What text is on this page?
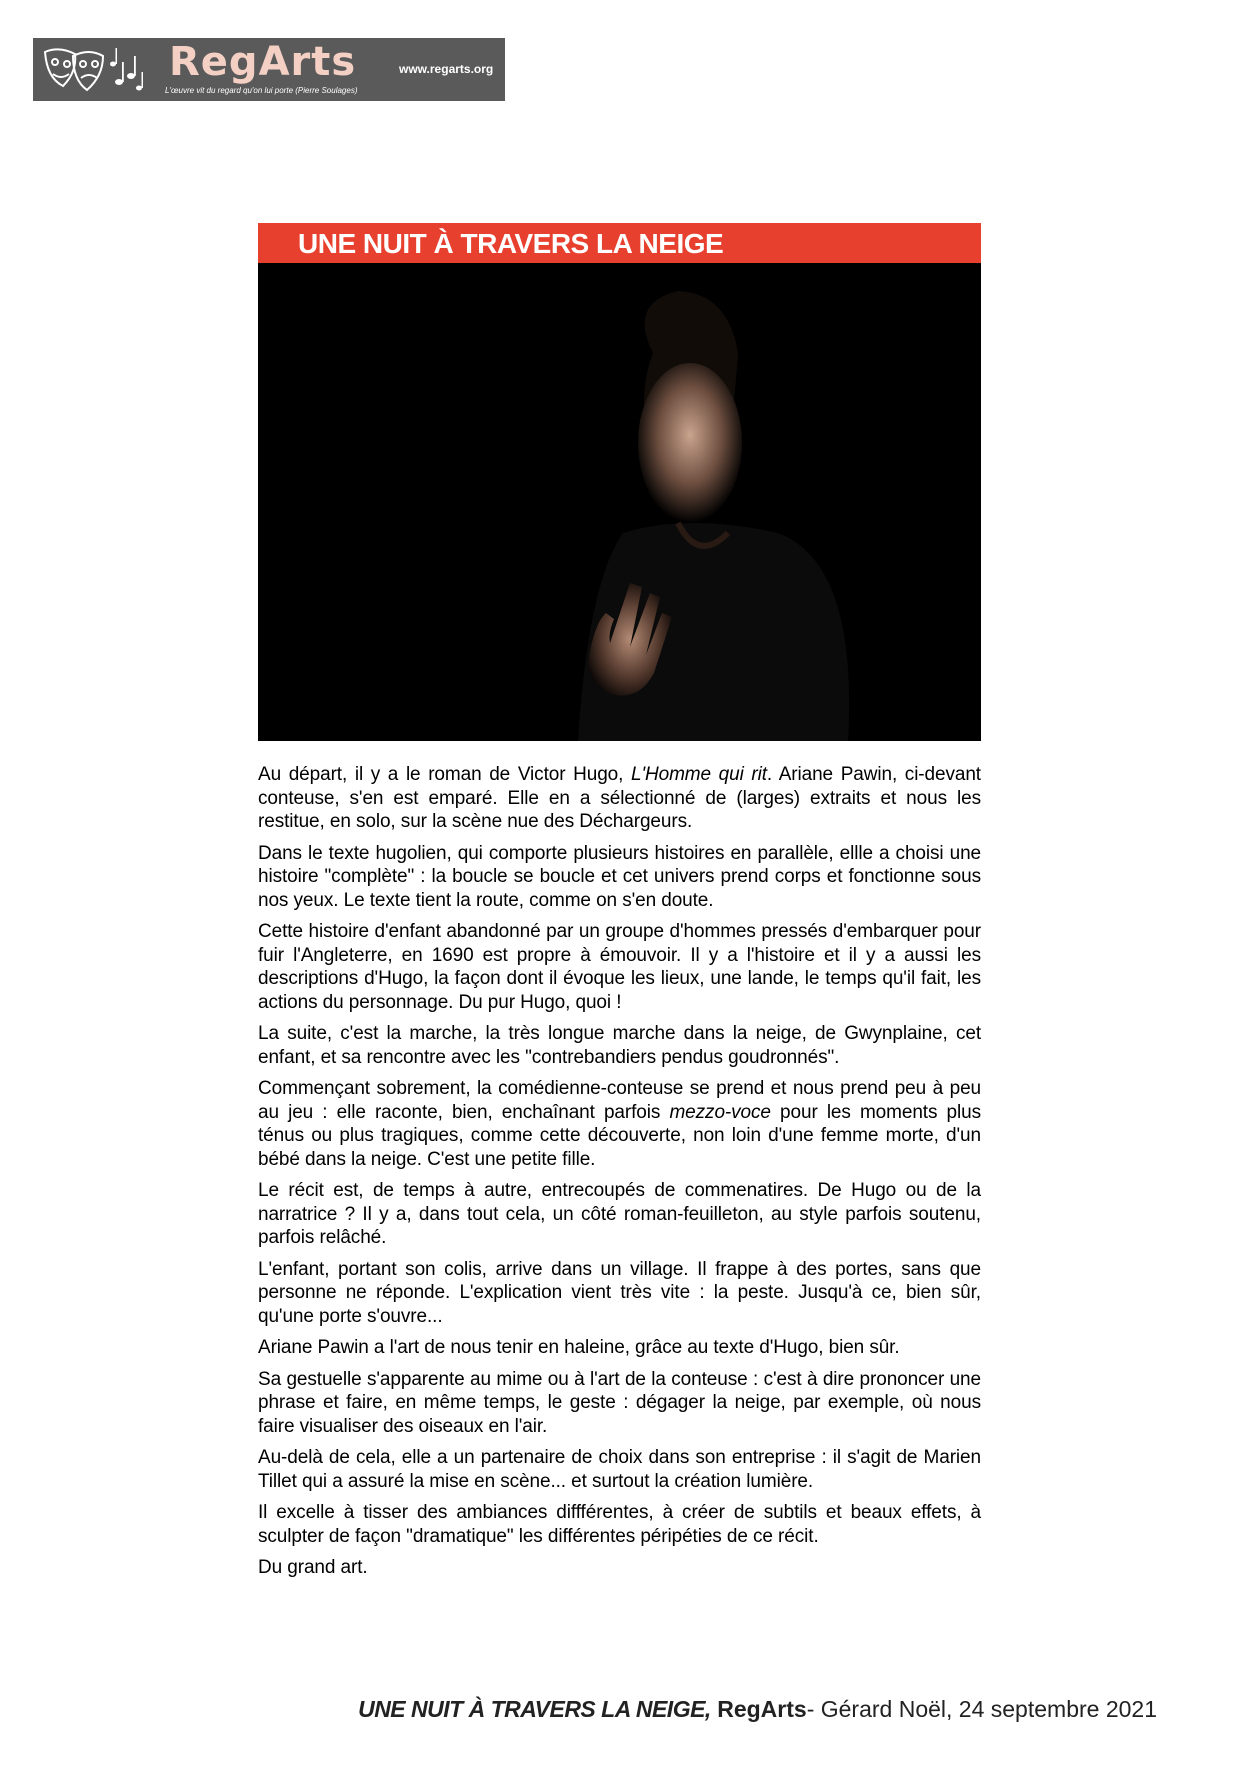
RegArts	www.regarts.org
L'œuvre vit du regard qu'on lui porte (Pierre Soulages)
UNE NUIT À TRAVERS LA NEIGE

Au départ, il y a le roman de Victor Hugo, L'Homme qui rit. Ariane Pawin, ci-devant conteuse, s'en est emparé. Elle en a sélectionné de (larges) extraits et nous les restitue, en solo, sur la scène nue des Déchargeurs.

Dans le texte hugolien, qui comporte plusieurs histoires en parallèle, ellle a choisi une histoire "complète" : la boucle se boucle et cet univers prend corps et fonctionne sous nos yeux. Le texte tient la route, comme on s'en doute.

Cette histoire d'enfant abandonné par un groupe d'hommes pressés d'embarquer pour fuir l'Angleterre, en 1690 est propre à émouvoir. Il y a l'histoire et il y a aussi les descriptions d'Hugo, la façon dont il évoque les lieux, une lande, le temps qu'il fait, les actions du personnage. Du pur Hugo, quoi !

La suite, c'est la marche, la très longue marche dans la neige, de Gwynplaine, cet enfant, et sa rencontre avec les "contrebandiers pendus goudronnés".

Commençant sobrement, la comédienne-conteuse se prend et nous prend peu à peu au jeu : elle raconte, bien, enchaînant parfois mezzo-voce pour les moments plus ténus ou plus tragiques, comme cette découverte, non loin d'une femme morte, d'un bébé dans la neige. C'est une petite fille.

Le récit est, de temps à autre, entrecoupés de commenatires. De Hugo ou de la narratrice ? Il y a, dans tout cela, un côté roman-feuilleton, au style parfois soutenu, parfois relâché.

L'enfant, portant son colis, arrive dans un village. Il frappe à des portes, sans que personne ne réponde. L'explication vient très vite : la peste. Jusqu'à ce, bien sûr, qu'une porte s'ouvre...

Ariane Pawin a l'art de nous tenir en haleine, grâce au texte d'Hugo, bien sûr.

Sa gestuelle s'apparente au mime ou à l'art de la conteuse : c'est à dire prononcer une phrase et faire, en même temps, le geste : dégager la neige, par exemple, où nous faire visualiser des oiseaux en l'air.

Au-delà de cela, elle a un partenaire de choix dans son entreprise : il s'agit de Marien Tillet qui a assuré la mise en scène... et surtout la création lumière.

Il excelle à tisser des ambiances diffférentes, à créer de subtils et beaux effets, à sculpter de façon "dramatique" les différentes péripéties de ce récit.

Du grand art.

UNE NUIT À TRAVERS LA NEIGE, RegArts- Gérard Noël, 24 septembre 2021
